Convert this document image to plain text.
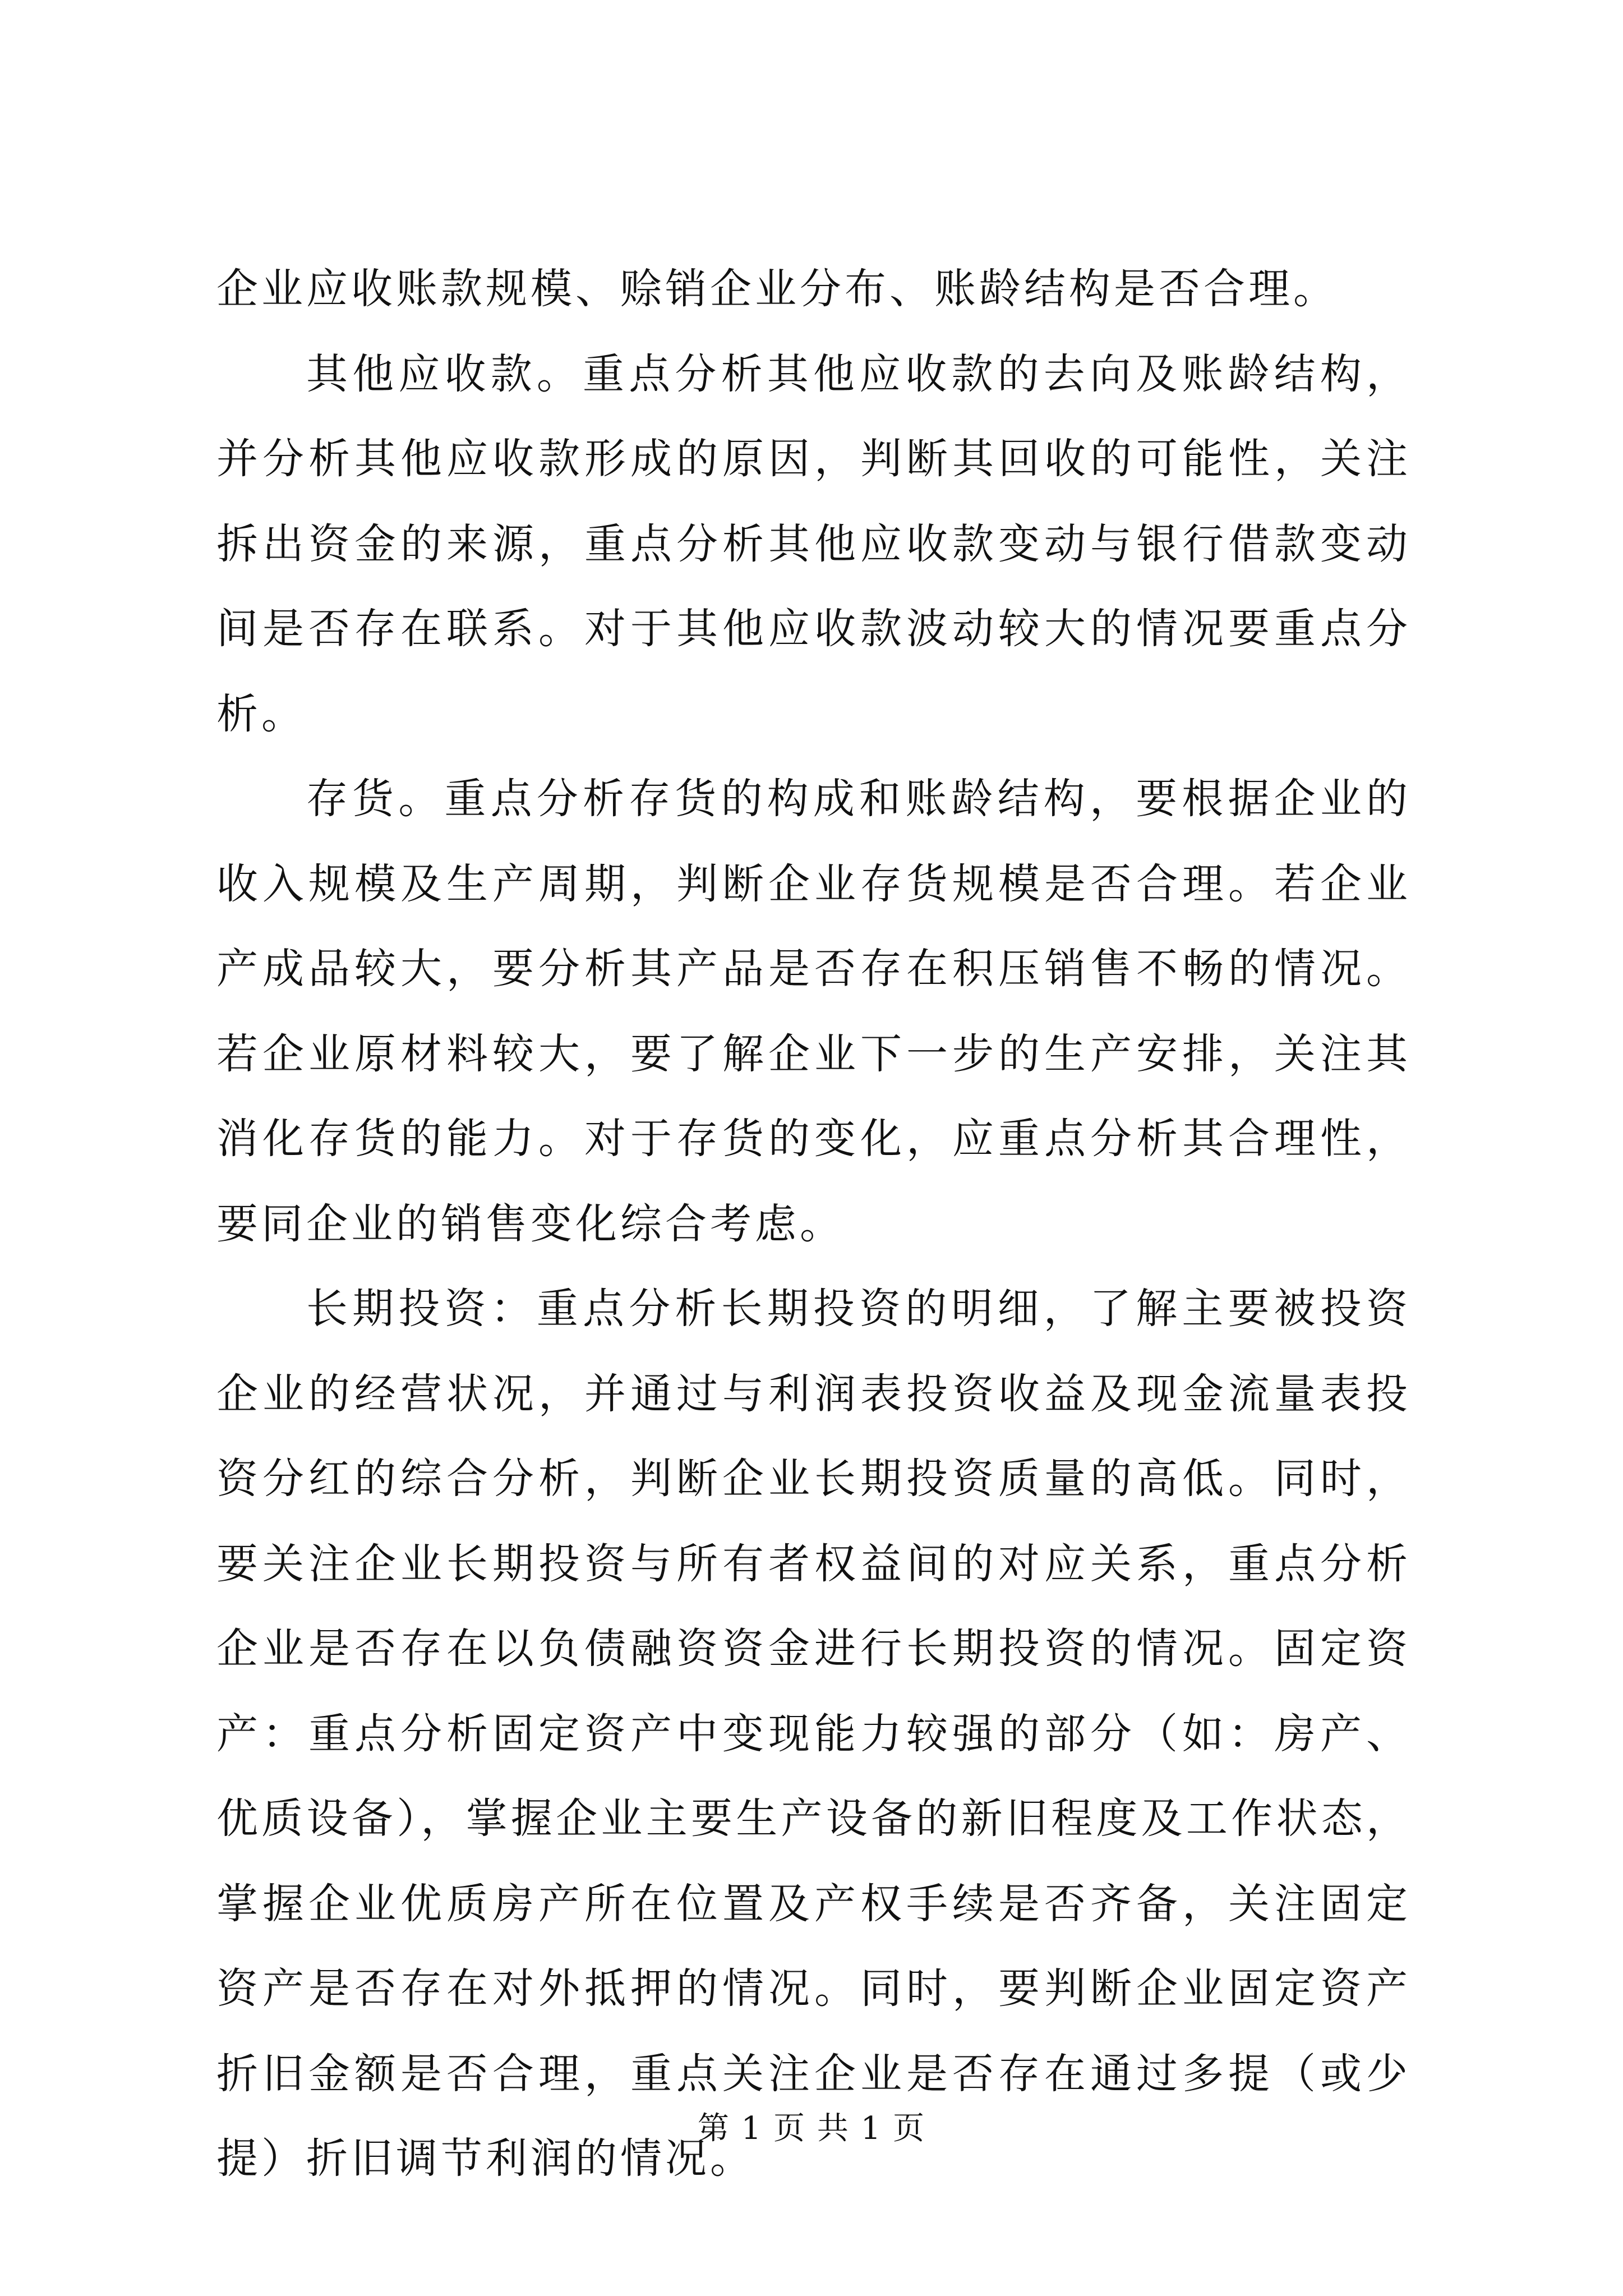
企业应收账款规模、赊销企业分布、账龄结构是否合理。

其他应收款。重点分析其他应收款的去向及账龄结构，并分析其他应收款形成的原因，判断其回收的可能性，关注拆出资金的来源，重点分析其他应收款变动与银行借款变动间是否存在联系。对于其他应收款波动较大的情况要重点分析。

存货。重点分析存货的构成和账龄结构，要根据企业的收入规模及生产周期，判断企业存货规模是否合理。若企业产成品较大，要分析其产品是否存在积压销售不畅的情况。若企业原材料较大，要了解企业下一步的生产安排，关注其消化存货的能力。对于存货的变化，应重点分析其合理性，要同企业的销售变化综合考虑。

长期投资：重点分析长期投资的明细，了解主要被投资企业的经营状况，并通过与利润表投资收益及现金流量表投资分红的综合分析，判断企业长期投资质量的高低。同时，要关注企业长期投资与所有者权益间的对应关系，重点分析企业是否存在以负债融资资金进行长期投资的情况。固定资产：重点分析固定资产中变现能力较强的部分（如：房产、优质设备），掌握企业主要生产设备的新旧程度及工作状态，掌握企业优质房产所在位置及产权手续是否齐备，关注固定资产是否存在对外抵押的情况。同时，要判断企业固定资产折旧金额是否合理，重点关注企业是否存在通过多提（或少提）折旧调节利润的情况。

第 1 页 共 1 页
